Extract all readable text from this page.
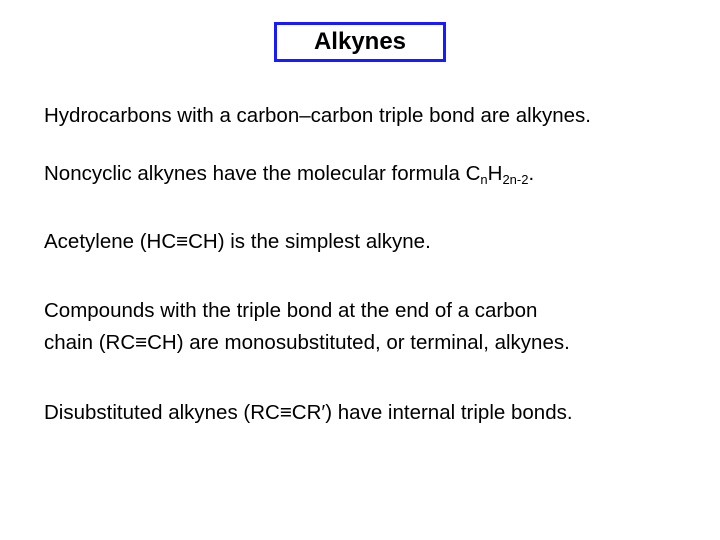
Alkynes
Hydrocarbons with a carbon–carbon triple bond are alkynes.
Noncyclic alkynes have the molecular formula $C_nH_{2n-2}$.
Acetylene (HC≡CH) is the simplest alkyne.
Compounds with the triple bond at the end of a carbon
chain (RC≡CH) are monosubstituted, or terminal, alkynes.
Disubstituted alkynes (RC≡CR′) have internal triple bonds.
